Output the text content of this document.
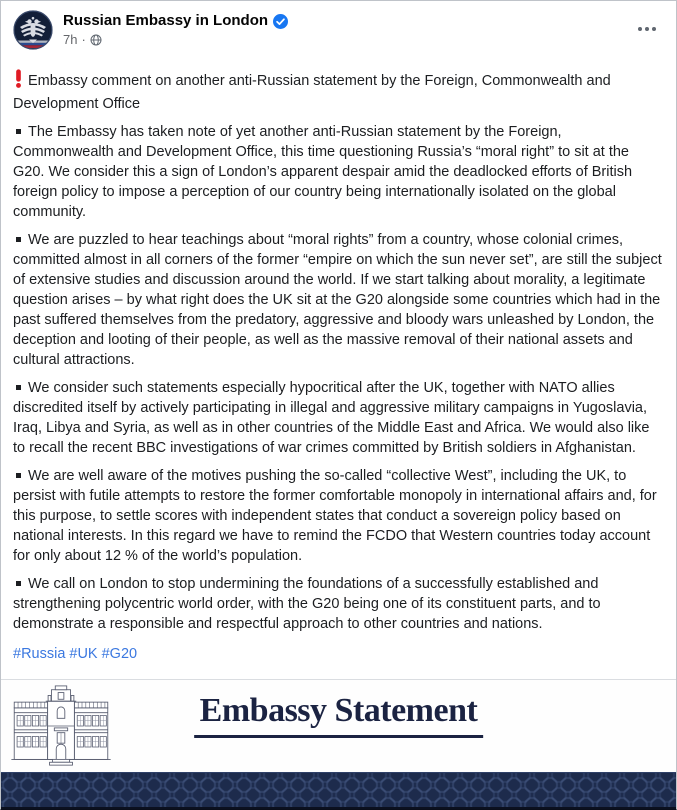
Russian Embassy in London
7h ·

Embassy comment on another anti-Russian statement by the Foreign, Commonwealth and Development Office

The Embassy has taken note of yet another anti-Russian statement by the Foreign, Commonwealth and Development Office, this time questioning Russia’s “moral right” to sit at the G20. We consider this a sign of London’s apparent despair amid the deadlocked efforts of British foreign policy to impose a perception of our country being internationally isolated on the global community.

We are puzzled to hear teachings about “moral rights” from a country, whose colonial crimes, committed almost in all corners of the former “empire on which the sun never set”, are still the subject of extensive studies and discussion around the world. If we start talking about morality, a legitimate question arises – by what right does the UK sit at the G20 alongside some countries which had in the past suffered themselves from the predatory, aggressive and bloody wars unleashed by London, the deception and looting of their people, as well as the massive removal of their national assets and cultural attractions.

We consider such statements especially hypocritical after the UK, together with NATO allies discredited itself by actively participating in illegal and aggressive military campaigns in Yugoslavia, Iraq, Libya and Syria, as well as in other countries of the Middle East and Africa. We would also like to recall the recent BBC investigations of war crimes committed by British soldiers in Afghanistan.

We are well aware of the motives pushing the so-called “collective West”, including the UK, to persist with futile attempts to restore the former comfortable monopoly in international affairs and, for this purpose, to settle scores with independent states that conduct a sovereign policy based on national interests. In this regard we have to remind the FCDO that Western countries today account for only about 12 % of the world’s population.

We call on London to stop undermining the foundations of a successfully established and strengthening polycentric world order, with the G20 being one of its constituent parts, and to demonstrate a responsible and respectful approach to other countries and nations.

#Russia #UK #G20
Embassy Statement
